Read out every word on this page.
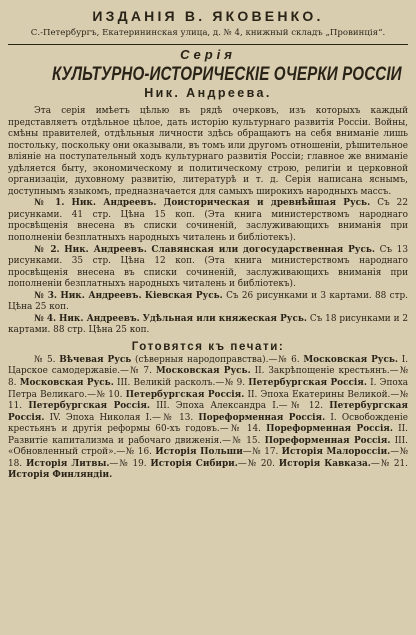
ИЗДАНІЯ В. ЯКОВЕНКО.
С.-Петербургъ, Екатерининская улица, д. № 4, книжный складъ „Провинція“.
Серія
КУЛЬТУРНО-ИСТОРИЧЕСКІЕ ОЧЕРКИ РОССІИ
Ник. Андреева.

Эта серія имѣетъ цѣлью въ рядѣ очерковъ, изъ которыхъ каждый представляетъ отдѣльное цѣлое, дать исторію культурнаго развитія Россіи. Войны, смѣны правителей, отдѣльныя личности здѣсь обращаютъ на себя вниманіе лишь постольку, поскольку они оказывали, въ томъ или другомъ отношеніи, рѣшительное вліяніе на поступательный ходъ культурнаго развитія Россіи; главное же вниманіе удѣляется быту, экономическому и политическому строю, религіи и церковной организаціи, духовному развитію, литературѣ и т. д. Серія написана яснымъ, доступнымъ языкомъ, предназначается для самыхъ широкихъ народныхъ массъ.

№ 1. Ник. Андреевъ. Доисторическая и древнѣйшая Русь. Съ 22 рисунками. 41 стр. Цѣна 15 коп. (Эта книга министерствомъ народнаго просвѣщенія внесена въ списки сочиненій, заслуживающихъ вниманія при пополненіи безплатныхъ народныхъ читалень и библіотекъ).

№ 2. Ник. Андреевъ. Славянская или догосударственная Русь. Съ 13 рисунками. 35 стр. Цѣна 12 коп. (Эта книга министерствомъ народнаго просвѣщенія внесена въ списки сочиненій, заслуживающихъ вниманія при пополненіи безплатныхъ народныхъ читалень и библіотекъ).

№ 3. Ник. Андреевъ. Кіевская Русь. Съ 26 рисунками и 3 картами. 88 стр. Цѣна 25 коп.

№ 4. Ник. Андреевъ. Удѣльная или княжеская Русь. Съ 18 рисунками и 2 картами. 88 стр. Цѣна 25 коп.

Готовятся къ печати:

№ 5. Вѣчевая Русь (сѣверныя народоправства).—№ 6. Московская Русь. I. Царское самодержавіе.—№ 7. Московская Русь. II. Закрѣпощеніе крестьянъ.—№ 8. Московская Русь. III. Великій расколъ.—№ 9. Петербургская Россія. I. Эпоха Петра Великаго.—№ 10. Петербургская Россія. II. Эпоха Екатерины Великой.—№ 11. Петербургская Россія. III. Эпоха Александра I.—№ 12. Петербургская Россія. IV. Эпоха Николая I.—№ 13. Пореформенная Россія. I. Освобожденіе крестьянъ и другія реформы 60-хъ годовъ.—№ 14. Пореформенная Россія. II. Развитіе капитализма и рабочаго движенія.—№ 15. Пореформенная Россія. III. «Обновленный строй».—№ 16. Исторія Польши—№ 17. Исторія Малороссіи.—№ 18. Исторія Литвы.—№ 19. Исторія Сибири.—№ 20. Исторія Кавказа.—№ 21. Исторія Финляндіи.
